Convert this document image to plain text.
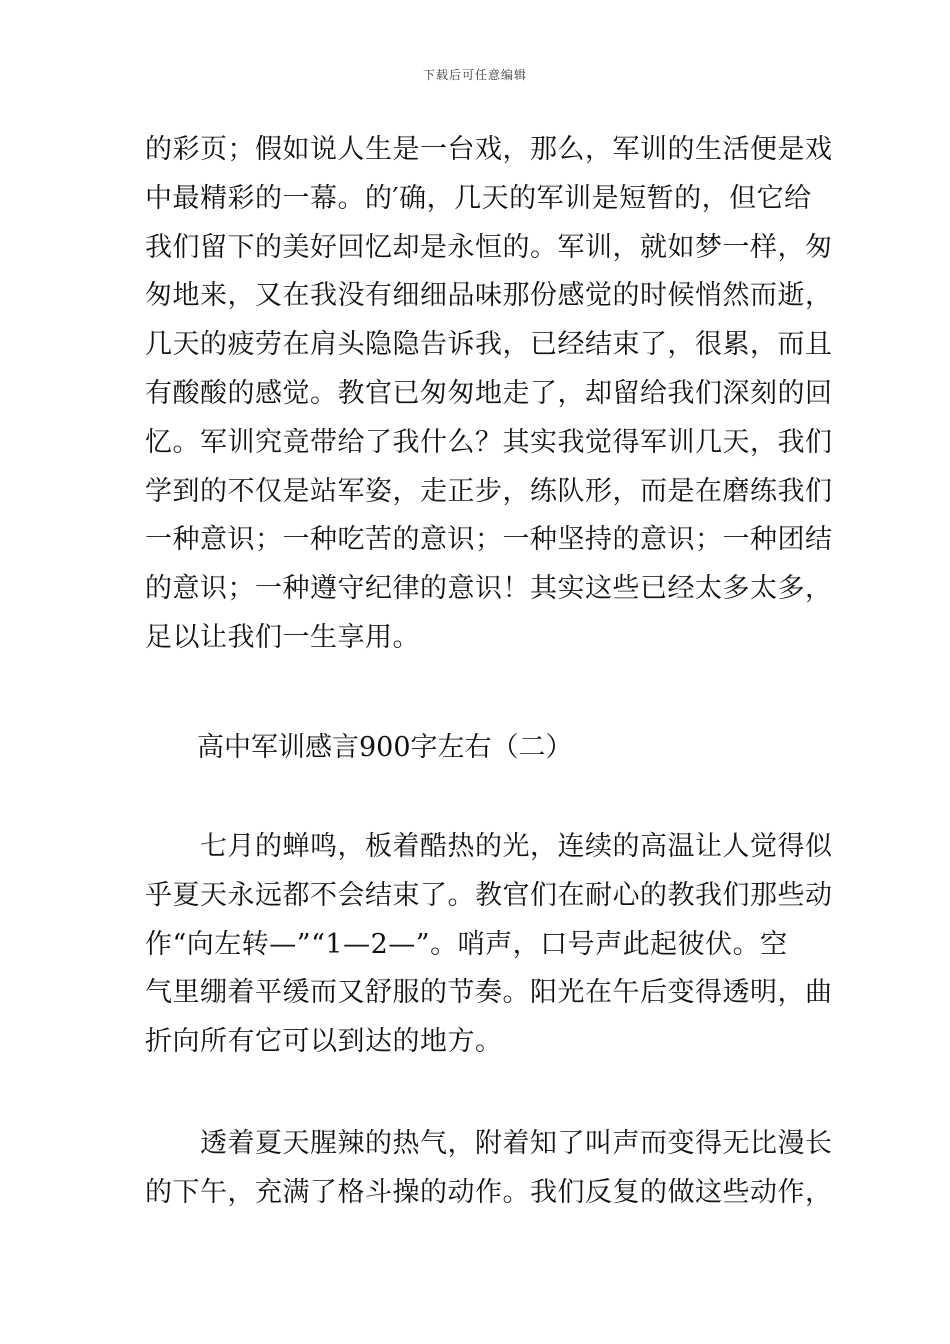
下载后可任意编辑
的彩页；假如说人生是一台戏，那么，军训的生活便是戏
中最精彩的一幕。的′确，几天的军训是短暂的，但它给
我们留下的美好回忆却是永恒的。军训，就如梦一样，匆
匆地来，又在我没有细细品味那份感觉的时候悄然而逝，
几天的疲劳在肩头隐隐告诉我，已经结束了，很累，而且
有酸酸的感觉。教官已匆匆地走了，却留给我们深刻的回
忆。军训究竟带给了我什么？其实我觉得军训几天，我们
学到的不仅是站军姿，走正步，练队形，而是在磨练我们
一种意识；一种吃苦的意识；一种坚持的意识；一种团结
的意识；一种遵守纪律的意识！其实这些已经太多太多，
足以让我们一生享用。
高中军训感言900字左右（二）
　　七月的蝉鸣，板着酷热的光，连续的高温让人觉得似
乎夏天永远都不会结束了。教官们在耐心的教我们那些动
作“向左转—”“1—2—”。哨声，口号声此起彼伏。空
气里绷着平缓而又舒服的节奏。阳光在午后变得透明，曲
折向所有它可以到达的地方。
　　透着夏天腥辣的热气，附着知了叫声而变得无比漫长
的下午，充满了格斗操的动作。我们反复的做这些动作，
